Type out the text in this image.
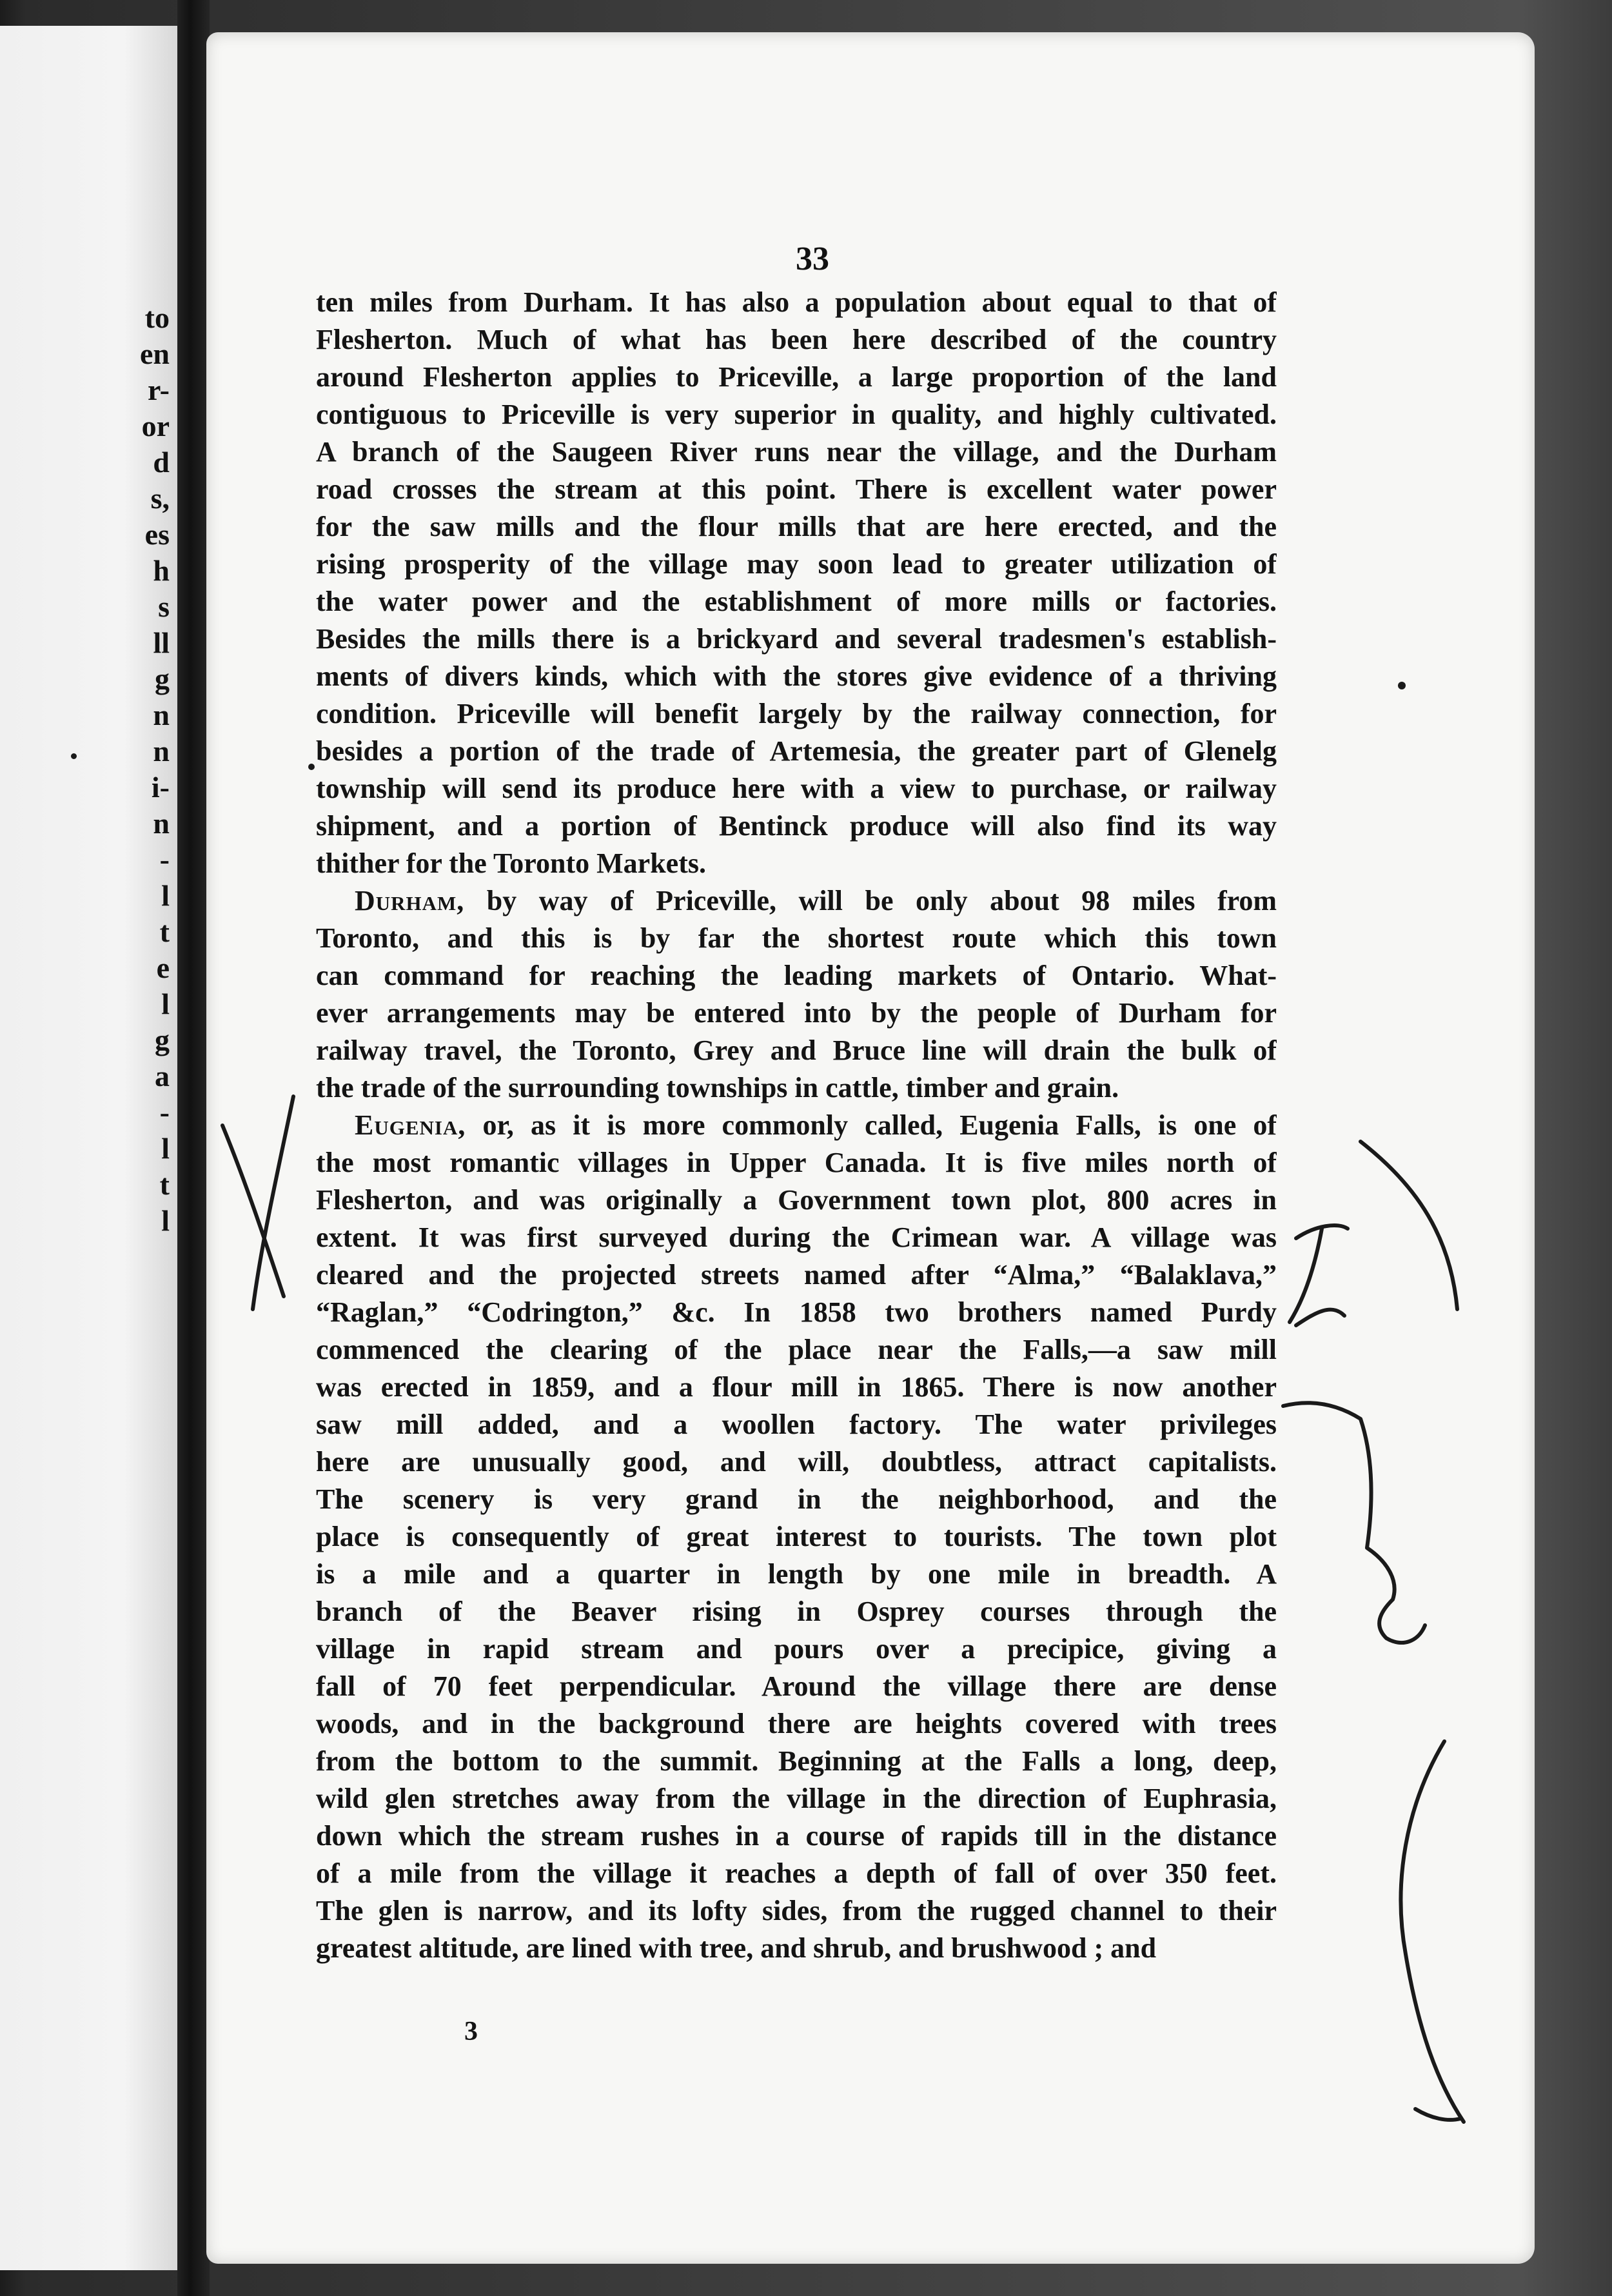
to
en
r-
or
d
s,
es
h
s
ll
g
n
n
i-
n
-
l
t
e
l
g
a
-
l
t
l
33
ten miles from Durham. It has also a population about equal to that of
Flesherton. Much of what has been here described of the country
around Flesherton applies to Priceville, a large proportion of the land
contiguous to Priceville is very superior in quality, and highly cultivated.
A branch of the Saugeen River runs near the village, and the Durham
road crosses the stream at this point. There is excellent water power
for the saw mills and the flour mills that are here erected, and the
rising prosperity of the village may soon lead to greater utilization of
the water power and the establishment of more mills or factories.
Besides the mills there is a brickyard and several tradesmen's establish-
ments of divers kinds, which with the stores give evidence of a thriving
condition. Priceville will benefit largely by the railway connection, for
besides a portion of the trade of Artemesia, the greater part of Glenelg
township will send its produce here with a view to purchase, or railway
shipment, and a portion of Bentinck produce will also find its way
thither for the Toronto Markets.
Durham, by way of Priceville, will be only about 98 miles from
Toronto, and this is by far the shortest route which this town
can command for reaching the leading markets of Ontario. What-
ever arrangements may be entered into by the people of Durham for
railway travel, the Toronto, Grey and Bruce line will drain the bulk of
the trade of the surrounding townships in cattle, timber and grain.
Eugenia, or, as it is more commonly called, Eugenia Falls, is one of
the most romantic villages in Upper Canada. It is five miles north of
Flesherton, and was originally a Government town plot, 800 acres in
extent. It was first surveyed during the Crimean war. A village was
cleared and the projected streets named after “Alma,” “Balaklava,”
“Raglan,” “Codrington,” &c. In 1858 two brothers named Purdy
commenced the clearing of the place near the Falls,—a saw mill
was erected in 1859, and a flour mill in 1865. There is now another
saw mill added, and a woollen factory. The water privileges
here are unusually good, and will, doubtless, attract capitalists.
The scenery is very grand in the neighborhood, and the
place is consequently of great interest to tourists. The town plot
is a mile and a quarter in length by one mile in breadth. A
branch of the Beaver rising in Osprey courses through the
village in rapid stream and pours over a precipice, giving a
fall of 70 feet perpendicular. Around the village there are dense
woods, and in the background there are heights covered with trees
from the bottom to the summit. Beginning at the Falls a long, deep,
wild glen stretches away from the village in the direction of Euphrasia,
down which the stream rushes in a course of rapids till in the distance
of a mile from the village it reaches a depth of fall of over 350 feet.
The glen is narrow, and its lofty sides, from the rugged channel to their
greatest altitude, are lined with tree, and shrub, and brushwood ; and
3
